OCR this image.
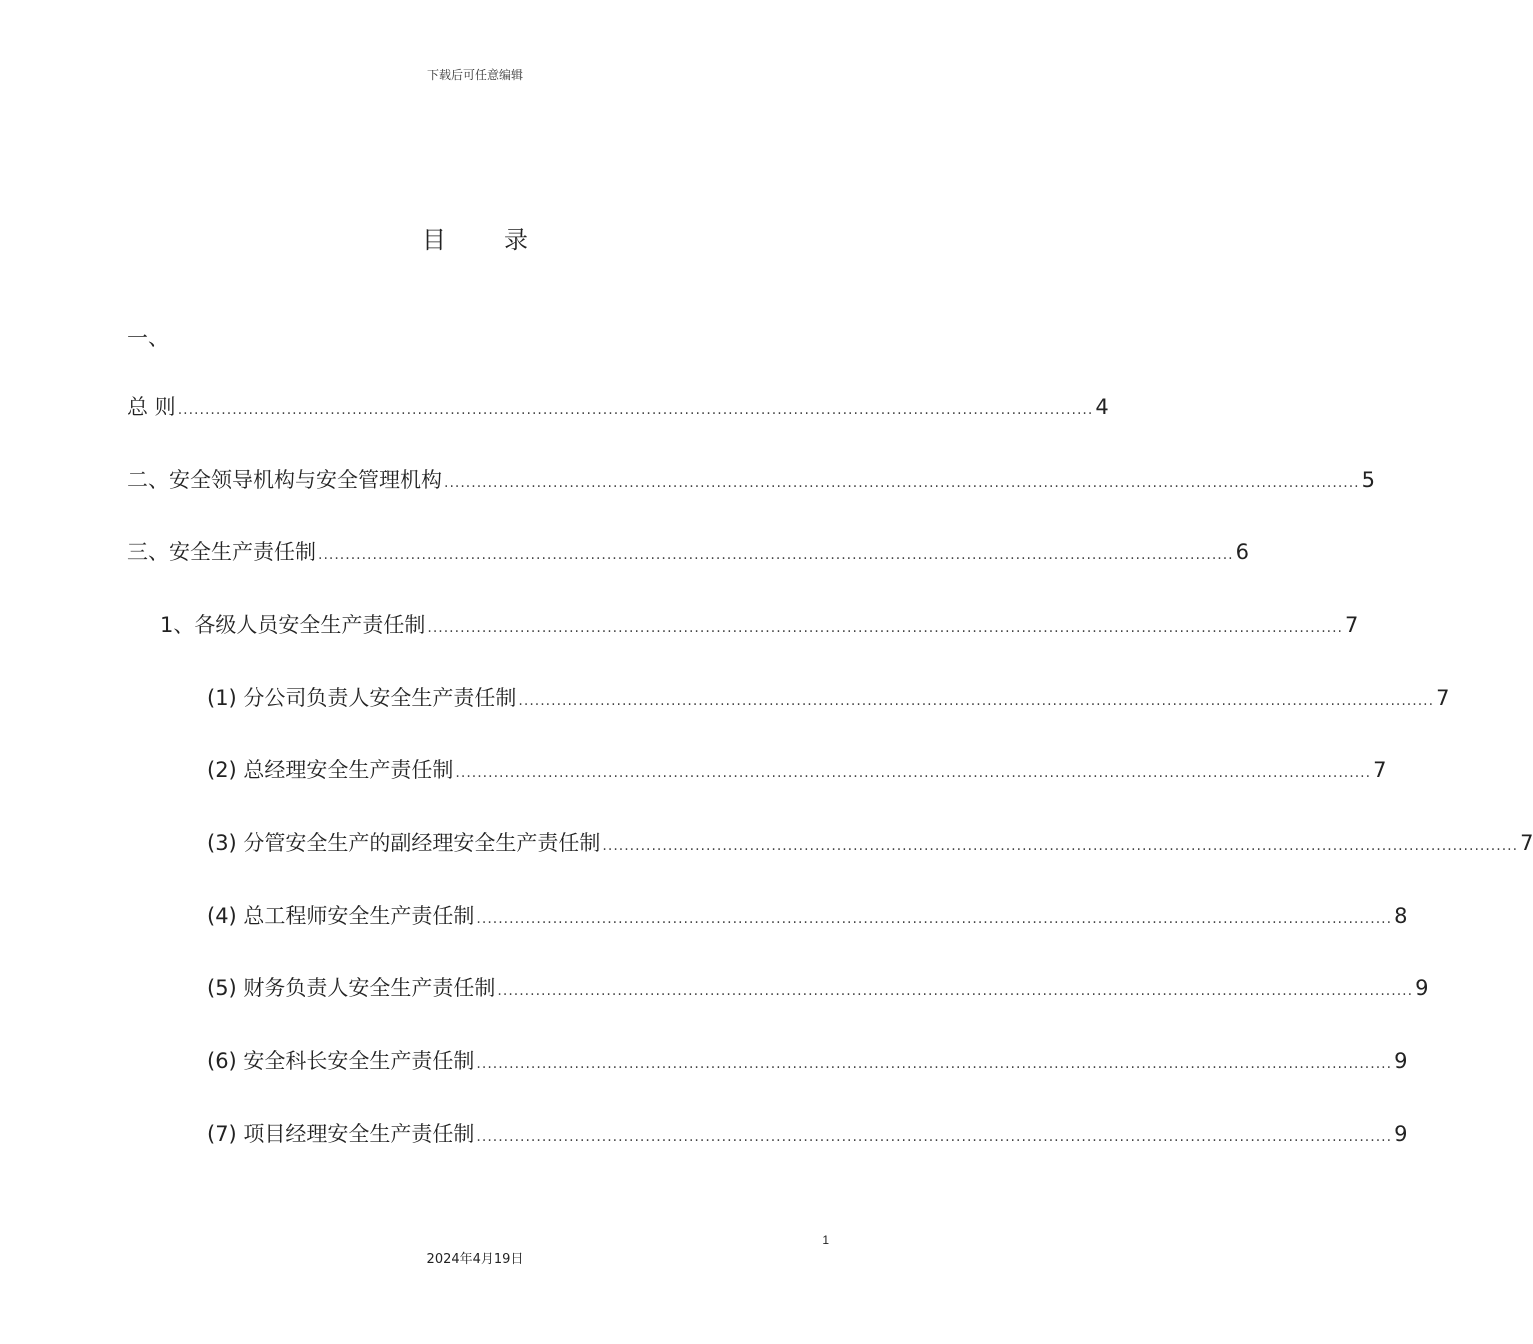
下载后可任意编辑
目 录
一、
总 则 ........................................................................................................................................................................ 4
二、安全领导机构与安全管理机构 ........................................................................................................................................................................ 5
三、安全生产责任制 ........................................................................................................................................................................ 6
1、各级人员安全生产责任制 ........................................................................................................................................................................ 7
(1) 分公司负责人安全生产责任制 ........................................................................................................................................................................ 7
(2) 总经理安全生产责任制 ........................................................................................................................................................................ 7
(3) 分管安全生产的副经理安全生产责任制 ........................................................................................................................................................................ 7
(4) 总工程师安全生产责任制 ........................................................................................................................................................................ 8
(5) 财务负责人安全生产责任制 ........................................................................................................................................................................ 9
(6) 安全科长安全生产责任制 ........................................................................................................................................................................ 9
(7) 项目经理安全生产责任制 ........................................................................................................................................................................ 9
1
2024年4月19日
